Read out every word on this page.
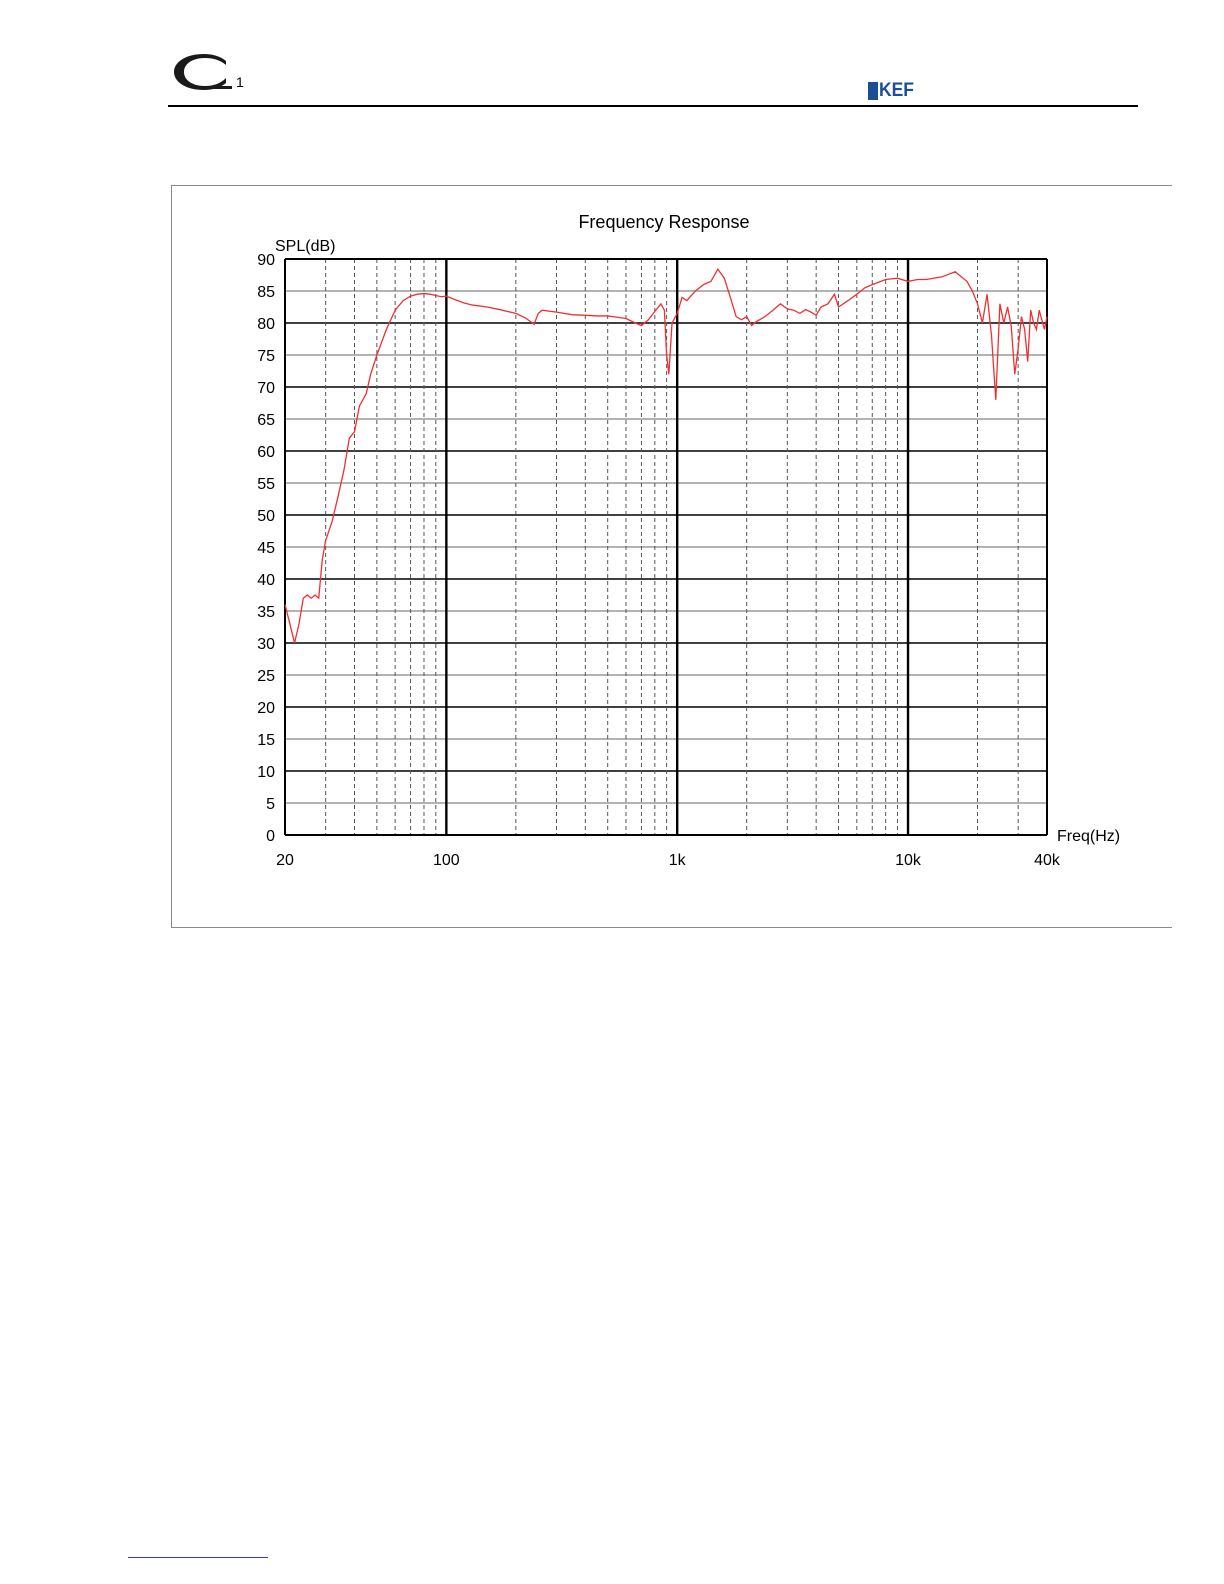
1	KEF
0
5
10
15
20
25
30
35
40
45
50
55
60
65
70
75
80
85
90
20	100	1k	10k	40k
Frequency Response
SPL(dB)
Freq(Hz)
